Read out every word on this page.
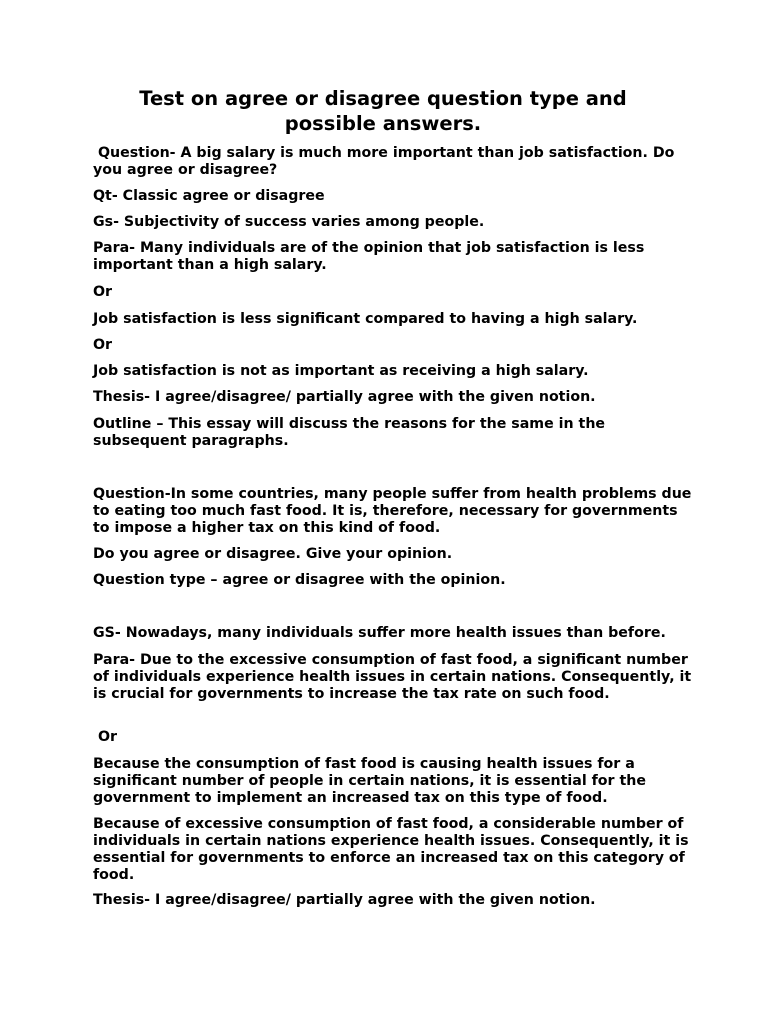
Test on agree or disagree question type and possible answers.

Question- A big salary is much more important than job satisfaction. Do you agree or disagree?

Qt- Classic agree or disagree

Gs- Subjectivity of success varies among people.

Para- Many individuals are of the opinion that job satisfaction is less important than a high salary.

Or

Job satisfaction is less significant compared to having a high salary.

Or

Job satisfaction is not as important as receiving a high salary.

Thesis- I agree/disagree/ partially agree with the given notion.

Outline – This essay will discuss the reasons for the same in the subsequent paragraphs.

Question-In some countries, many people suffer from health problems due to eating too much fast food. It is, therefore, necessary for governments to impose a higher tax on this kind of food.

Do you agree or disagree. Give your opinion.

Question type – agree or disagree with the opinion.

GS- Nowadays, many individuals suffer more health issues than before.

Para- Due to the excessive consumption of fast food, a significant number of individuals experience health issues in certain nations. Consequently, it is crucial for governments to increase the tax rate on such food.

Or

Because the consumption of fast food is causing health issues for a significant number of people in certain nations, it is essential for the government to implement an increased tax on this type of food.

Because of excessive consumption of fast food, a considerable number of individuals in certain nations experience health issues. Consequently, it is essential for governments to enforce an increased tax on this category of food.

Thesis- I agree/disagree/ partially agree with the given notion.
